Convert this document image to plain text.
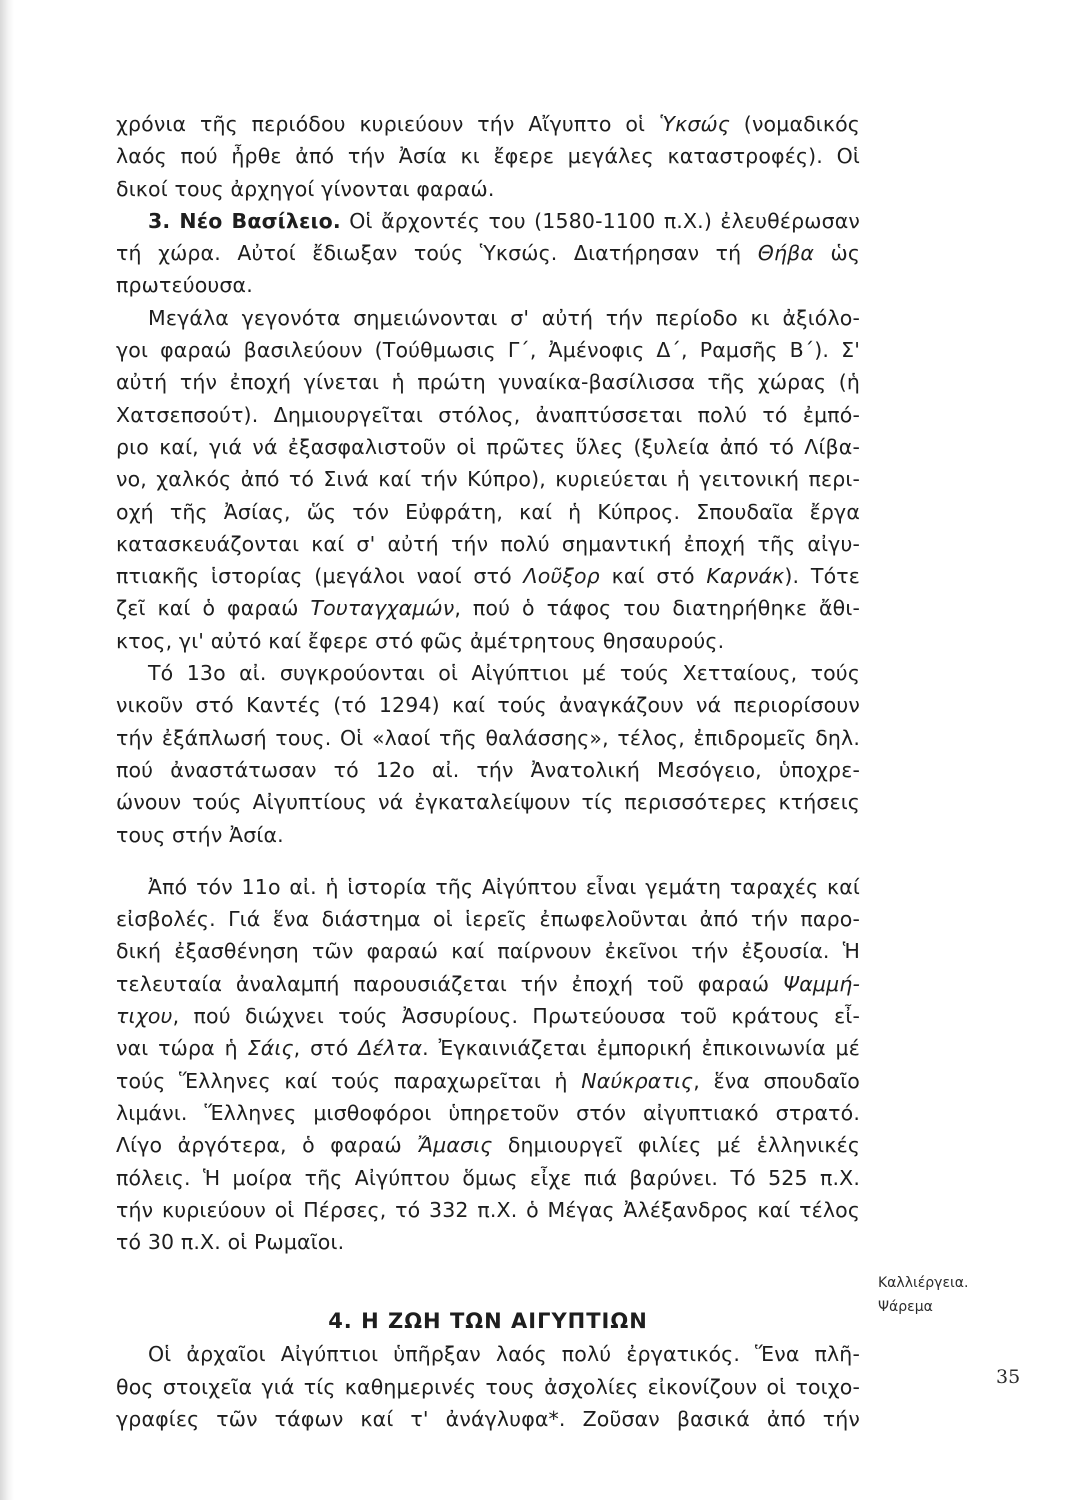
χρόνια τῆς περιόδου κυριεύουν τήν Αἴγυπτο οἱ Ὑκσώς (νομαδικός
λαός πού ἦρθε ἀπό τήν Ἀσία κι ἔφερε μεγάλες καταστροφές). Οἱ
δικοί τους ἀρχηγοί γίνονται φαραώ.

3. Νέο Βασίλειο. Οἱ ἄρχοντές του (1580-1100 π.Χ.) ἐλευθέρωσαν

τή χώρα. Αὐτοί ἔδιωξαν τούς Ὑκσώς. Διατήρησαν τή Θήβα ὡς
πρωτεύουσα.

Μεγάλα γεγονότα σημειώνονται σ' αὐτή τήν περίοδο κι ἀξιόλο-
γοι φαραώ βασιλεύουν (Τούθμωσις Γ΄, Ἀμένοφις Δ΄, Ραμσῆς Β΄). Σ'
αὐτή τήν ἐποχή γίνεται ἡ πρώτη γυναίκα-βασίλισσα τῆς χώρας (ἡ
Χατσεπσούτ). Δημιουργεῖται στόλος, ἀναπτύσσεται πολύ τό ἐμπό-
ριο καί, γιά νά ἐξασφαλιστοῦν οἱ πρῶτες ὕλες (ξυλεία ἀπό τό Λίβα-
νο, χαλκός ἀπό τό Σινά καί τήν Κύπρο), κυριεύεται ἡ γειτονική περι-
οχή τῆς Ἀσίας, ὥς τόν Εὐφράτη, καί ἡ Κύπρος. Σπουδαῖα ἔργα
κατασκευάζονται καί σ' αὐτή τήν πολύ σημαντική ἐποχή τῆς αἰγυ-
πτιακῆς ἱστορίας (μεγάλοι ναοί στό Λοῦξορ καί στό Καρνάκ). Τότε
ζεῖ καί ὁ φαραώ Τουταγχαμών, πού ὁ τάφος του διατηρήθηκε ἄθι-
κτος, γι' αὐτό καί ἔφερε στό φῶς ἀμέτρητους θησαυρούς.

Τό 13ο αἰ. συγκρούονται οἱ Αἰγύπτιοι μέ τούς Χετταίους, τούς
νικοῦν στό Καντές (τό 1294) καί τούς ἀναγκάζουν νά περιορίσουν
τήν ἐξάπλωσή τους. Οἱ «λαοί τῆς θαλάσσης», τέλος, ἐπιδρομεῖς δηλ.
πού ἀναστάτωσαν τό 12ο αἰ. τήν Ἀνατολική Μεσόγειο, ὑποχρε-
ώνουν τούς Αἰγυπτίους νά ἐγκαταλείψουν τίς περισσότερες κτήσεις
τους στήν Ἀσία.

Ἀπό τόν 11ο αἰ. ἡ ἱστορία τῆς Αἰγύπτου εἶναι γεμάτη ταραχές καί
εἰσβολές. Γιά ἕνα διάστημα οἱ ἱερεῖς ἐπωφελοῦνται ἀπό τήν παρο-
δική ἐξασθένηση τῶν φαραώ καί παίρνουν ἐκεῖνοι τήν ἐξουσία. Ἡ
τελευταία ἀναλαμπή παρουσιάζεται τήν ἐποχή τοῦ φαραώ Ψαμμή-
τιχου, πού διώχνει τούς Ἀσσυρίους. Πρωτεύουσα τοῦ κράτους εἶ-
ναι τώρα ἡ Σάις, στό Δέλτα. Ἐγκαινιάζεται ἐμπορική ἐπικοινωνία μέ
τούς Ἕλληνες καί τούς παραχωρεῖται ἡ Ναύκρατις, ἕνα σπουδαῖο
λιμάνι. Ἕλληνες μισθοφόροι ὑπηρετοῦν στόν αἰγυπτιακό στρατό.
Λίγο ἀργότερα, ὁ φαραώ Ἄμασις δημιουργεῖ φιλίες μέ ἑλληνικές
πόλεις. Ἡ μοίρα τῆς Αἰγύπτου ὅμως εἶχε πιά βαρύνει. Τό 525 π.Χ.
τήν κυριεύουν οἱ Πέρσες, τό 332 π.Χ. ὁ Μέγας Ἀλέξανδρος καί τέλος
τό 30 π.Χ. οἱ Ρωμαῖοι.

4. Η ΖΩΗ ΤΩΝ ΑΙΓΥΠΤΙΩΝ

Οἱ ἀρχαῖοι Αἰγύπτιοι ὑπῆρξαν λαός πολύ ἐργατικός. Ἕνα πλῆ-
θος στοιχεῖα γιά τίς καθημερινές τους ἀσχολίες εἰκονίζουν οἱ τοιχο-
γραφίες τῶν τάφων καί τ' ἀνάγλυφα*. Ζοῦσαν βασικά ἀπό τήν

Καλλιέργεια.
Ψάρεμα
35
